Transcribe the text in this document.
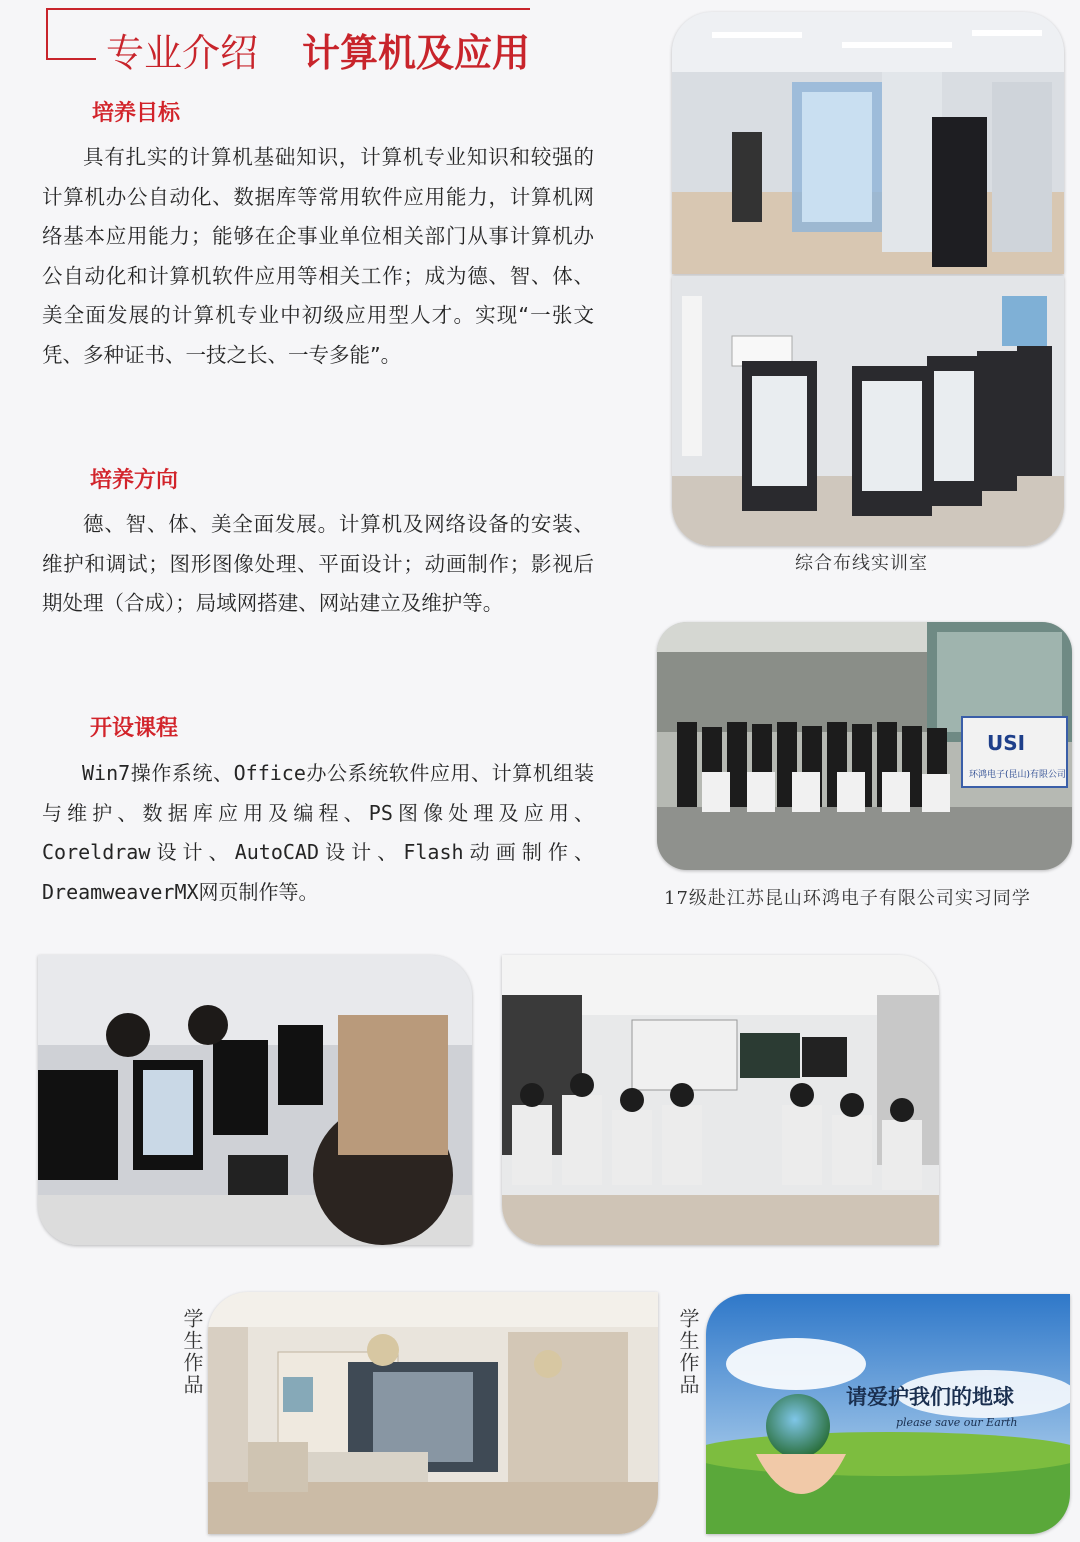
专业介绍 计算机及应用
培养目标

具有扎实的计算机基础知识，计算机专业知识和较强的计算机办公自动化、数据库等常用软件应用能力，计算机网络基本应用能力；能够在企事业单位相关部门从事计算机办公自动化和计算机软件应用等相关工作；成为德、智、体、美全面发展的计算机专业中初级应用型人才。实现“一张文凭、多种证书、一技之长、一专多能”。

培养方向

德、智、体、美全面发展。计算机及网络设备的安装、维护和调试；图形图像处理、平面设计；动画制作；影视后期处理（合成）；局域网搭建、网站建立及维护等。

开设课程

Win7操作系统、Office办公系统软件应用、计算机组装与维护、数据库应用及编程、PS图像处理及应用、Coreldraw设计、AutoCAD设计、Flash动画制作、DreamweaverMX网页制作等。

综合布线实训室
USI
环鸿电子(昆山)有限公司
17级赴江苏昆山环鸿电子有限公司实习同学
学生作品	学生作品
请爱护我们的地球
please save our Earth
